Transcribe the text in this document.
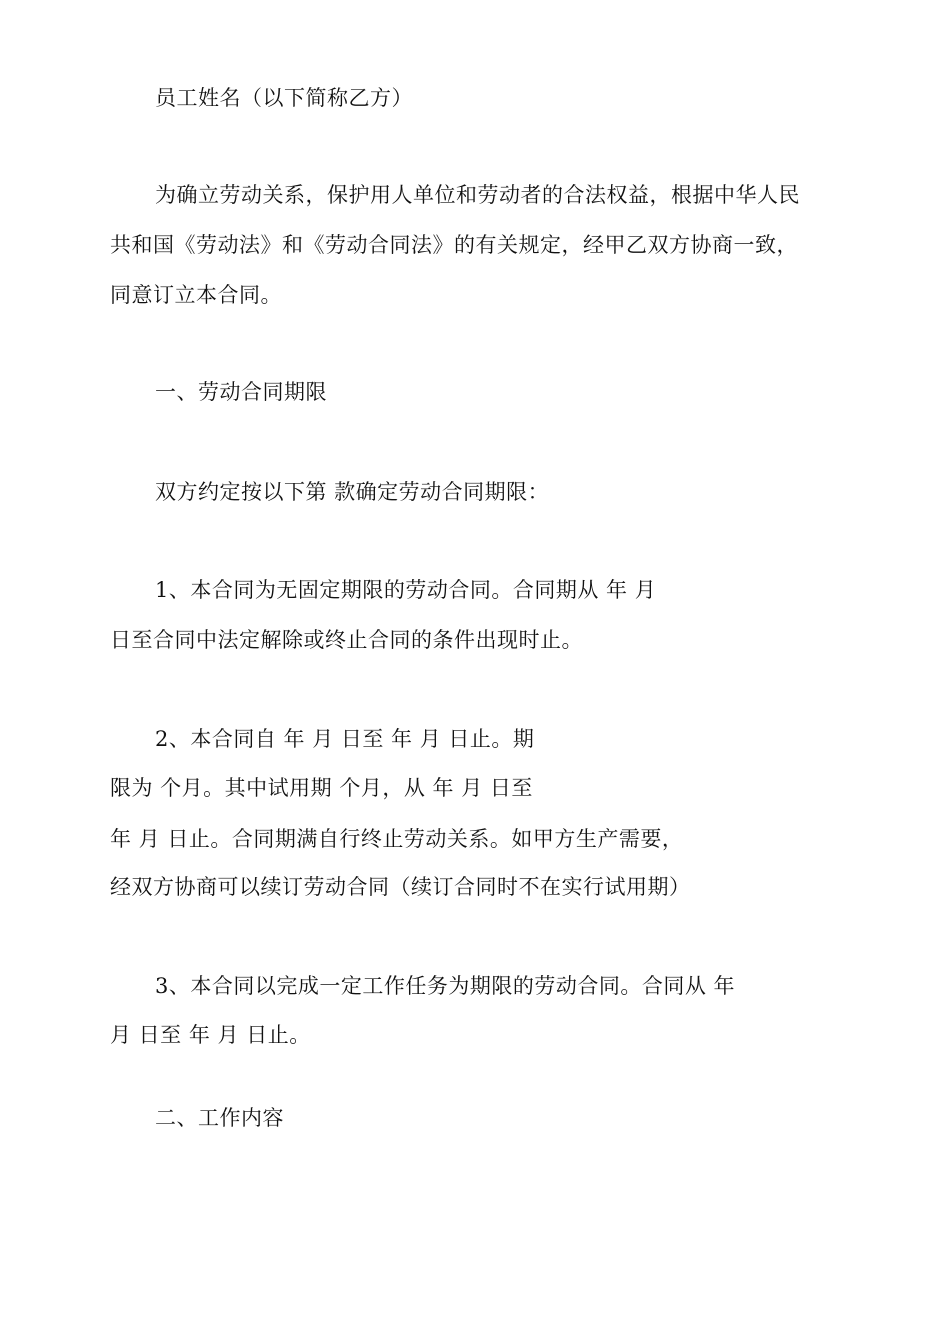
员工姓名（以下简称乙方）
为确立劳动关系，保护用人单位和劳动者的合法权益，根据中华人民
共和国《劳动法》和《劳动合同法》的有关规定，经甲乙双方协商一致，
同意订立本合同。
一、劳动合同期限
双方约定按以下第 款确定劳动合同期限：
1、本合同为无固定期限的劳动合同。合同期从 年 月
日至合同中法定解除或终止合同的条件出现时止。
2、本合同自 年 月 日至 年 月 日止。期
限为 个月。其中试用期 个月，从 年 月 日至
年 月 日止。合同期满自行终止劳动关系。如甲方生产需要，
经双方协商可以续订劳动合同（续订合同时不在实行试用期）
3、本合同以完成一定工作任务为期限的劳动合同。合同从 年
月 日至 年 月 日止。
二、工作内容
